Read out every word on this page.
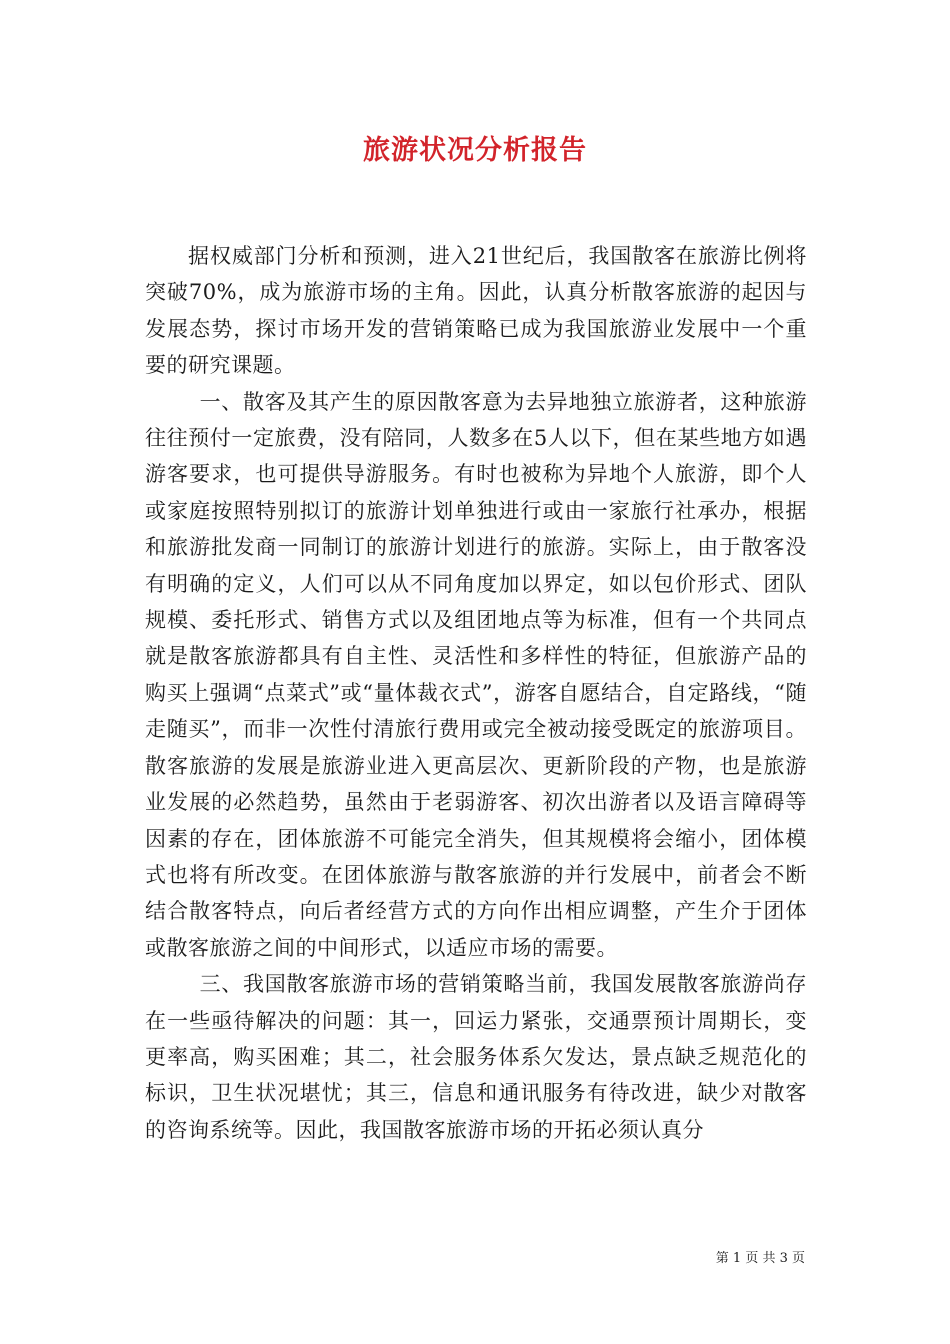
旅游状况分析报告

据权威部门分析和预测，进入21世纪后，我国散客在旅游比例将突破70%，成为旅游市场的主角。因此，认真分析散客旅游的起因与发展态势，探讨市场开发的营销策略已成为我国旅游业发展中一个重要的研究课题。

一、散客及其产生的原因散客意为去异地独立旅游者，这种旅游往往预付一定旅费，没有陪同，人数多在5人以下，但在某些地方如遇游客要求，也可提供导游服务。有时也被称为异地个人旅游，即个人或家庭按照特别拟订的旅游计划单独进行或由一家旅行社承办，根据和旅游批发商一同制订的旅游计划进行的旅游。实际上，由于散客没有明确的定义，人们可以从不同角度加以界定，如以包价形式、团队规模、委托形式、销售方式以及组团地点等为标准，但有一个共同点就是散客旅游都具有自主性、灵活性和多样性的特征，但旅游产品的购买上强调“点菜式”或“量体裁衣式”，游客自愿结合，自定路线，“随走随买”，而非一次性付清旅行费用或完全被动接受既定的旅游项目。散客旅游的发展是旅游业进入更高层次、更新阶段的产物，也是旅游业发展的必然趋势，虽然由于老弱游客、初次出游者以及语言障碍等因素的存在，团体旅游不可能完全消失，但其规模将会缩小，团体模式也将有所改变。在团体旅游与散客旅游的并行发展中，前者会不断结合散客特点，向后者经营方式的方向作出相应调整，产生介于团体或散客旅游之间的中间形式，以适应市场的需要。

三、我国散客旅游市场的营销策略当前，我国发展散客旅游尚存在一些亟待解决的问题：其一，回运力紧张，交通票预计周期长，变更率高，购买困难；其二，社会服务体系欠发达，景点缺乏规范化的标识，卫生状况堪忧；其三，信息和通讯服务有待改进，缺少对散客的咨询系统等。因此，我国散客旅游市场的开拓必须认真分

第 1 页 共 3 页
